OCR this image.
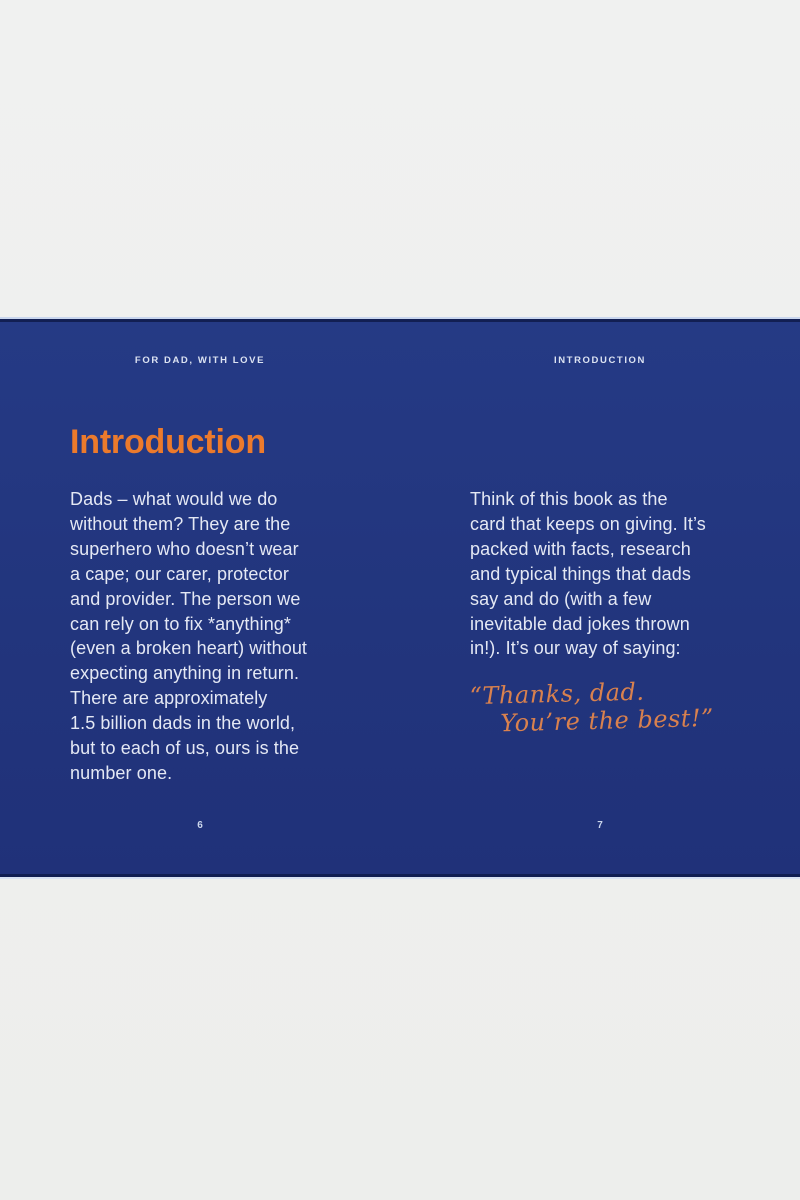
FOR DAD, WITH LOVE
Introduction
Dads – what would we do
without them? They are the
superhero who doesn’t wear
a cape; our carer, protector
and provider. The person we
can rely on to fix *anything*
(even a broken heart) without
expecting anything in return.
There are approximately
1.5 billion dads in the world,
but to each of us, ours is the
number one.
6
INTRODUCTION
Think of this book as the
card that keeps on giving. It’s
packed with facts, research
and typical things that dads
say and do (with a few
inevitable dad jokes thrown
in!). It’s our way of saying:
“Thanks, dad.
You’re the best!”
7
